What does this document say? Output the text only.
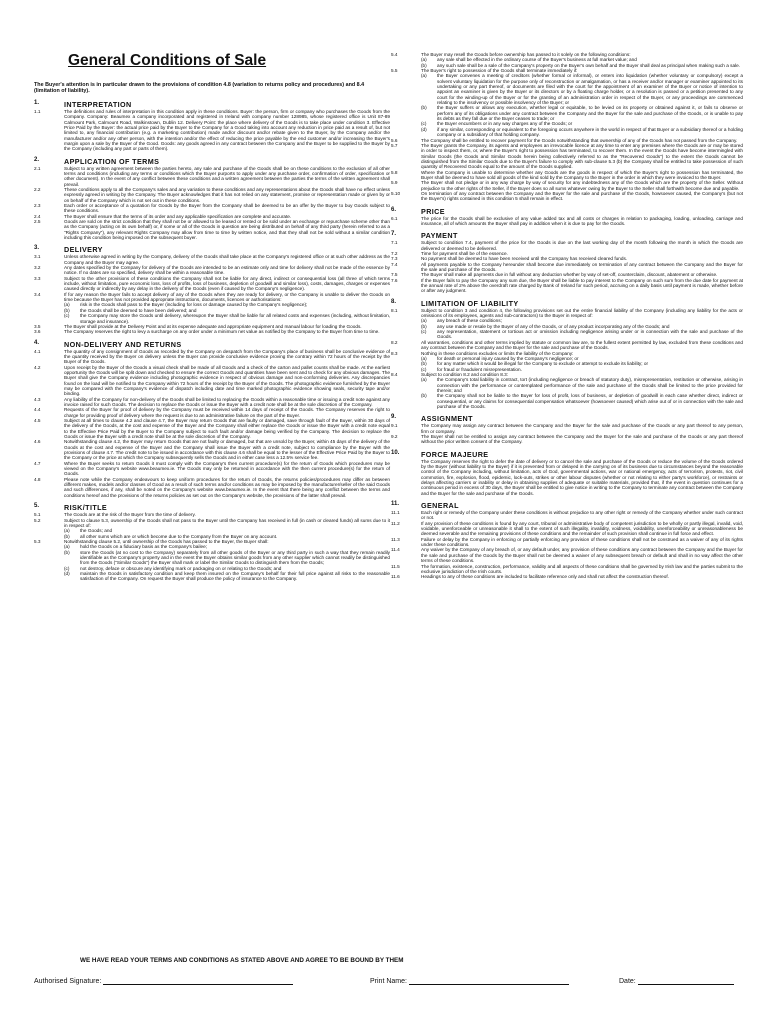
General Conditions of Sale
The Buyer's attention is in particular drawn to the provisions of condition 4.8 (variation to returns policy and procedures) and 8.4 (limitation of liability).
1.	INTERPRETATION
1.1	The definitions and rules of interpretation in this condition apply in these conditions. Buyer: the person, firm or company who purchases the Goods from the Company. Company: Beaumex a company incorporated and registered in Ireland with company number 128985, whose registered office is Unit 87-89 Calmount Park, Calmount Road, Walkinstown, Dublin 12. Delivery Point: the place where delivery of the Goods is to take place under condition 3. Effective Price Paid by the Buyer: the actual price paid by the Buyer to the Company for a Good taking into account any reduction in price paid as a result of, but not limited to, any financial contribution (e.g. a marketing contribution) made and/or discount and/or rebate given to the Buyer, by the Company and/or the manufacturer and/or any other person, with the intention and/or the effect of reducing the price payable by the end customer and/or increasing the Buyer's margin upon a sale by the Buyer of the Good. Goods: any goods agreed in any contract between the Company and the Buyer to be supplied to the Buyer by the Company (including any part or parts of them).
2.	APPLICATION OF TERMS
2.1	Subject to any written agreement between the parties hereto, any sale and purchase of the Goods shall be on these conditions to the exclusion of all other terms and conditions (including any terms or conditions which the Buyer purports to apply under any purchase order, confirmation of order, specification or other document). In the event of any conflict between these conditions and a written agreement between the parties the terms of the written agreement shall prevail.
2.2	These conditions apply to all the Company's sales and any variation to these conditions and any representations about the Goods shall have no effect unless expressly agreed in writing by the Company. The Buyer acknowledges that it has not relied on any statement, promise or representation made or given by or on behalf of the Company which is not set out in these conditions.
2.3	Each order or acceptance of a quotation for Goods by the Buyer from the Company shall be deemed to be an offer by the Buyer to buy Goods subject to these conditions.
2.4	The Buyer shall ensure that the terms of its order and any applicable specification are complete and accurate.
2.5	Goods are sold on the strict condition that they shall not be or allowed to be leased or rented or be sold under an exchange or repurchase scheme other than as the Company (acting on its own behalf) or, if some or all of the Goods in question are being distributed on behalf of any third party (herein referred to as a "Rights Company"), any relevant Rights Company may allow from time to time by written notice, and that they shall not be sold without a similar condition including this condition being imposed on the subsequent buyer.
3.	DELIVERY
3.1	Unless otherwise agreed in writing by the Company, delivery of the Goods shall take place at the Company's registered office or at such other address as the Company and the Buyer may agree.
3.2	Any dates specified by the Company for delivery of the Goods are intended to be an estimate only and time for delivery shall not be made of the essence by notice. If no dates are so specified, delivery shall be within a reasonable time.
3.3	Subject to the other provisions of these conditions the Company shall not be liable for any direct, indirect or consequential loss (all three of which terms include, without limitation, pure economic loss, loss of profits, loss of business, depletion of goodwill and similar loss), costs, damages, charges or expenses caused directly or indirectly by any delay in the delivery of the Goods (even if caused by the Company's negligence).
3.4	If for any reason the Buyer fails to accept delivery of any of the Goods when they are ready for delivery, or the Company is unable to deliver the Goods on time because the Buyer has not provided appropriate instructions, documents, licences or authorisations:
(a)	risk in the Goods shall pass to the Buyer (including for loss or damage caused by the Company's negligence);
(b)	the Goods shall be deemed to have been delivered; and
(c)	the Company may store the Goods until delivery, whereupon the Buyer shall be liable for all related costs and expenses (including, without limitation, storage and insurance).
3.5	The Buyer shall provide at the Delivery Point and at its expense adequate and appropriate equipment and manual labour for loading the Goods.
3.6	The Company reserves the right to levy a surcharge on any order under a minimum net value as notified by the Company to the Buyer from time to time.
4.	NON-DELIVERY AND RETURNS
4.1	The quantity of any consignment of Goods as recorded by the Company on despatch from the Company's place of business shall be conclusive evidence of the quantity received by the Buyer on delivery unless the Buyer can provide conclusive evidence proving the contrary within 72 hours of the receipt by the Buyer of the Goods.
4.2	Upon receipt by the Buyer of the Goods a visual check shall be made of all Goods and a check of the carton and pallet counts shall be made. At the earliest opportunity the Goods will be split down and checked to ensure the correct Goods and quantities have been sent and to check for any obvious damages. The Buyer shall give the Company evidence including photographic evidence in respect of obvious damage and non-conforming deliveries. Any discrepancies found on the load will be notified to the Company within 72 hours of the receipt by the Buyer of the Goods. The photographic evidence furnished by the Buyer may be compared with the Company's evidence of dispatch including date and time marked photographic evidence showing seals, security tape and/or binding.
4.3	Any liability of the Company for non-delivery of the Goods shall be limited to replacing the Goods within a reasonable time or issuing a credit note against any invoice raised for such Goods. The decision to replace the Goods or issue the Buyer with a credit note shall be at the sole discretion of the Company.
4.4	Requests of the Buyer for proof of delivery by the Company must be received within 14 days of receipt of the Goods. The Company reserves the right to charge for providing proof of delivery where the request is due to an administrative failure on the part of the Buyer.
4.5	Subject at all times to clause 4.2 and clause 4.7, the Buyer may return Goods that are faulty or damaged, save through fault of the Buyer, within 30 days of the delivery of the Goods, at the cost and expense of the Buyer and the Company shall either replace the Goods or issue the Buyer with a credit note equal to the Effective Price Paid by the Buyer to the Company subject to such fault and/or damage being verified by the Company. The decision to replace the Goods or issue the Buyer with a credit note shall be at the sole discretion of the Company.
4.6	Notwithstanding clause 4.2, the Buyer may return Goods that are not faulty or damaged, but that are unsold by the Buyer, within 45 days of the delivery of the Goods at the cost and expense of the Buyer and the Company shall issue the Buyer with a credit note, subject to compliance by the Buyer with the provisions of clause 4.7. The credit note to be issued in accordance with this clause 4.6 shall be equal to the lesser of the Effective Price Paid by the Buyer to the Company or the price at which the Company subsequently sells the Goods and in either case less a 12.5% service fee.
4.7	Where the Buyer seeks to return Goods it must comply with the Company's then current procedure(s) for the return of Goods which procedures may be viewed on the Company's website www.beaumex.ie. The Goods may only be returned in accordance with the then current procedure(s) for the return of Goods.
4.8	Please note while the Company endeavours to keep uniform procedures for the return of Goods, the returns policies/procedures may differ as between different makes, models and/or classes of Good as a result of such terms and/or conditions as may be imposed by the manufacturer/seller of the said Goods and such differences, if any, shall be noted on the Company's website www.beaumex.ie. In the event that there being any conflict between the terms and conditions hereof and the provisions of the returns policies as set out on the Company's website, the provisions of the latter shall prevail.
5.	RISK/TITLE
5.1	The Goods are at the risk of the Buyer from the time of delivery.
5.2	Subject to clause 5.3, ownership of the Goods shall not pass to the Buyer until the Company has received in full (in cash or cleared funds) all sums due to it in respect of:
(a)	the Goods; and
(b)	all other sums which are or which become due to the Company from the Buyer on any account.
5.3	Notwithstanding clause 5.2, until ownership of the Goods has passed to the Buyer, the Buyer shall:
(a)	hold the Goods on a fiduciary basis as the Company's bailee;
(b)	store the Goods (at no cost to the Company) separately from all other goods of the Buyer or any third party in such a way that they remain readily identifiable as the Company's property and in the event the Buyer obtains similar goods from any other supplier which cannot readily be distinguished from the Goods ("Similar Goods") the Buyer shall mark or label the Similar Goods to distinguish them from the Goods;
(c)	not destroy, deface or obscure any identifying mark or packaging on or relating to the Goods; and
(d)	maintain the Goods in satisfactory condition and keep them insured on the Company's behalf for their full price against all risks to the reasonable satisfaction of the Company. On request the Buyer shall produce the policy of insurance to the Company.
5.4	The Buyer may resell the Goods before ownership has passed to it solely on the following conditions:
(a)	any sale shall be effected in the ordinary course of the Buyer's business at full market value; and
(b)	any such sale shall be a sale of the Company's property on the Buyer's own behalf and the Buyer shall deal as principal when making such a sale.
5.5	The Buyer's right to possession of the Goods shall terminate immediately if:
(a)	the Buyer convenes a meeting of creditors (whether formal or informal), or enters into liquidation (whether voluntary or compulsory) except a solvent voluntary liquidation for the purpose only of reconstruction or amalgamation, or has a receiver and/or manager or examiner appointed to its undertaking or any part thereof, or documents are filed with the court for the appointment of an examiner of the Buyer or notice of intention to appoint an examiner is given by the Buyer or its directors or by a floating charge holder, or a resolution is passed or a petition presented to any court for the winding-up of the Buyer or for the granting of an administration order in respect of the Buyer, or any proceedings are commenced relating to the insolvency or possible insolvency of the Buyer; or
(b)	the Buyer suffers or allows any execution, whether legal or equitable, to be levied on its property or obtained against it, or fails to observe or perform any of its obligations under any contract between the Company and the Buyer for the sale and purchase of the Goods, or is unable to pay its debts as they fall due or the Buyer ceases to trade; or
(c)	the Buyer encumbers or in any way charges any of the Goods; or
(d)	if any similar, corresponding or equivalent to the foregoing occurs anywhere in the world in respect of that Buyer or a subsidiary thereof or a holding company or a subsidiary of that holding company.
5.6	The Company shall be entitled to recover payment for the Goods notwithstanding that ownership of any of the Goods has not passed from the Company.
5.7	The Buyer grants the Company, its agents and employees an irrevocable licence at any time to enter any premises where the Goods are or may be stored in order to inspect them, or, where the Buyer's right to possession has terminated, to recover them. In the event the Goods have become intermingled with Similar Goods (the Goods and Similar Goods herein being collectively referred to as the "Recovered Goods") to the extent the Goods cannot be distinguished from the Similar Goods due to the Buyer's failure to comply with sub-clause 5.3 (b) the Company shall be entitled to take possession of such quantity of Recovered Goods equal to the amount of the Goods supplied.
5.8	Where the Company is unable to determine whether any Goods are the goods in respect of which the Buyer's right to possession has terminated, the Buyer shall be deemed to have sold all goods of the kind sold by the Company to the Buyer in the order in which they were invoiced to the Buyer.
5.9	The Buyer shall not pledge or in any way charge by way of security for any indebtedness any of the Goods which are the property of the Seller. Without prejudice to the other rights of the Seller, if the Buyer does so all sums whatever owing by the Buyer to the Seller shall forthwith become due and payable.
5.10	On termination of any contract between the Company and the Buyer for the sale and purchase of the Goods, howsoever caused, the Company's (but not the Buyer's) rights contained in this condition 5 shall remain in effect.
6.	PRICE
6.1	The price for the Goods shall be exclusive of any value added tax and all costs or charges in relation to packaging, loading, unloading, carriage and insurance, all of which amounts the Buyer shall pay in addition when it is due to pay for the Goods.
7.	PAYMENT
7.1	Subject to condition 7.4, payment of the price for the Goods is due on the last working day of the month following the month in which the Goods are delivered or deemed to be delivered.
7.2	Time for payment shall be of the essence.
7.3	No payment shall be deemed to have been received until the Company has received cleared funds.
7.4	All payments payable to the Company hereunder shall become due immediately on termination of any contract between the Company and the Buyer for the sale and purchase of the Goods.
7.5	The Buyer shall make all payments due in full without any deduction whether by way of set-off, counterclaim, discount, abatement or otherwise.
7.6	If the Buyer fails to pay the Company any sum due, the Buyer shall be liable to pay interest to the Company on such sum from the due date for payment at the annual rate of 2% above the overdraft rate charged by Bank of Ireland for such period, accruing on a daily basis until payment is made, whether before or after any judgment.
8.	LIMITATION OF LIABILITY
8.1	Subject to condition 3 and condition 4, the following provisions set out the entire financial liability of the Company (including any liability for the acts or omissions of its employees, agents and sub-contractors) to the Buyer in respect of:
(a)	any breach of these conditions;
(b)	any use made or resale by the Buyer of any of the Goods, or of any product incorporating any of the Goods; and
(c)	any representation, statement or tortious act or omission including negligence arising under or in connection with the sale and purchase of the Goods.
8.2	All warranties, conditions and other terms implied by statute or common law are, to the fullest extent permitted by law, excluded from these conditions and any contract between the Company and the Buyer for the sale and purchase of the Goods.
8.3	Nothing in these conditions excludes or limits the liability of the Company:
(a)	for death or personal injury caused by the Company's negligence; or
(b)	for any matter which it would be illegal for the Company to exclude or attempt to exclude its liability; or
(c)	for fraud or fraudulent misrepresentation.
8.4	Subject to condition 8.2 and condition 8.3:
(a)	the Company's total liability in contract, tort (including negligence or breach of statutory duty), misrepresentation, restitution or otherwise, arising in connection with the performance or contemplated performance of the sale and purchase of the Goods shall be limited to the price provided for therein; and
(b)	the Company shall not be liable to the Buyer for loss of profit, loss of business, or depletion of goodwill in each case whether direct, indirect or consequential, or any claims for consequential compensation whatsoever (howsoever caused) which arise out of or in connection with the sale and purchase of the Goods.
9.	ASSIGNMENT
9.1	The Company may assign any contract between the Company and the Buyer for the sale and purchase of the Goods or any part thereof to any person, firm or company.
9.2	The Buyer shall not be entitled to assign any contract between the Company and the Buyer for the sale and purchase of the Goods or any part thereof without the prior written consent of the Company.
10.	FORCE MAJEURE
The Company reserves the right to defer the date of delivery or to cancel the sale and purchase of the Goods or reduce the volume of the Goods ordered by the Buyer (without liability to the Buyer) if it is prevented from or delayed in the carrying on of its business due to circumstances beyond the reasonable control of the Company including, without limitation, acts of God, governmental actions, war or national emergency, acts of terrorism, protests, riot, civil commotion, fire, explosion, flood, epidemic, lock-outs, strikes or other labour disputes (whether or not relating to either party's workforce), or restraints or delays affecting carriers or inability or delay in obtaining supplies of adequate or suitable materials, provided that, if the event in question continues for a continuous period in excess of 30 days, the Buyer shall be entitled to give notice in writing to the Company to terminate any contract between the Company and the Buyer for the sale and purchase of the Goods.
11.	GENERAL
11.1	Each right or remedy of the Company under these conditions is without prejudice to any other right or remedy of the Company whether under such contract or not.
11.2	If any provision of these conditions is found by any court, tribunal or administrative body of competent jurisdiction to be wholly or partly illegal, invalid, void, voidable, unenforceable or unreasonable it shall to the extent of such illegality, invalidity, voidness, voidability, unenforceability or unreasonableness be deemed severable and the remaining provisions of these conditions and the remainder of such provision shall continue in full force and effect.
11.3	Failure or delay by the Company in enforcing or partially enforcing any provision of these conditions shall not be construed as a waiver of any of its rights under these conditions.
11.4	Any waiver by the Company of any breach of, or any default under, any provision of these conditions any contract between the Company and the Buyer for the sale and purchase of the Goods by the Buyer shall not be deemed a waiver of any subsequent breach or default and shall in no way affect the other terms of these conditions.
11.5	The formation, existence, construction, performance, validity and all aspects of these conditions shall be governed by Irish law and the parties submit to the exclusive jurisdiction of the Irish courts.
11.6	Headings to any of these conditions are included to facilitate reference only and shall not affect the construction thereof.
WE HAVE READ YOUR TERMS AND CONDITIONS AS STATED ABOVE AND AGREE TO BE BOUND BY THEM
Authorised Signature:	Print Name:	Date:
